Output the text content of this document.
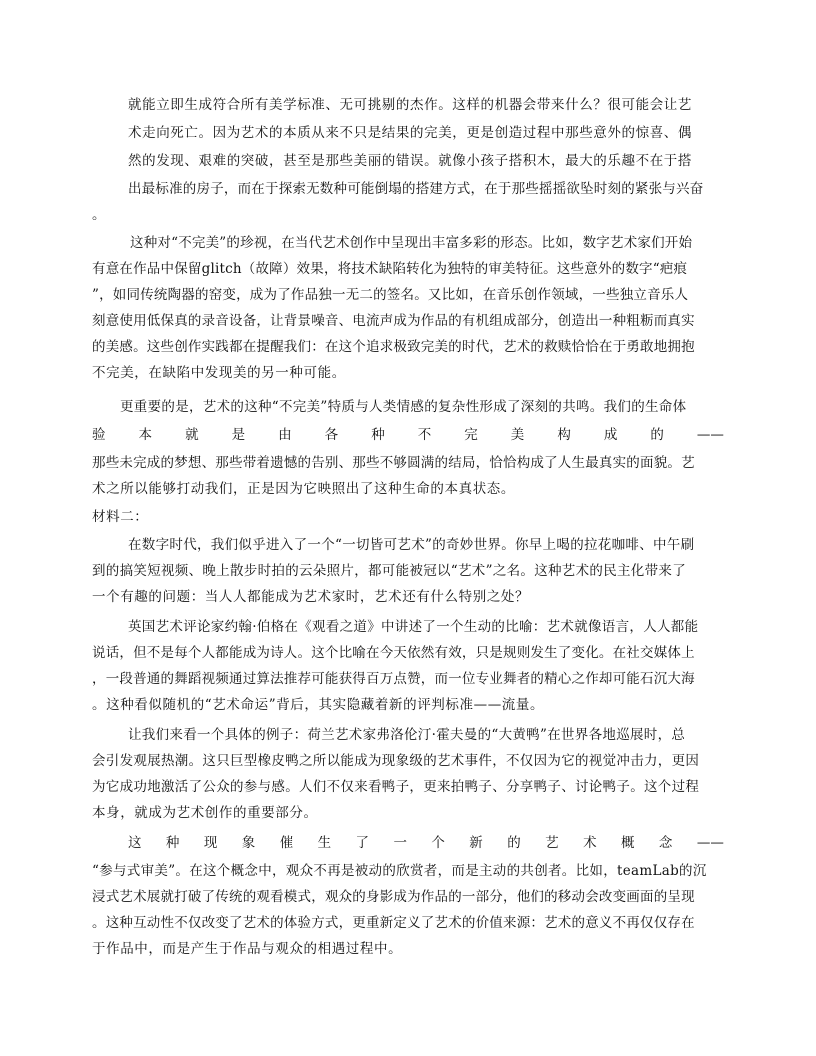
就能立即生成符合所有美学标准、无可挑剔的杰作。这样的机器会带来什么？很可能会让艺
术走向死亡。因为艺术的本质从来不只是结果的完美，更是创造过程中那些意外的惊喜、偶
然的发现、艰难的突破，甚至是那些美丽的错误。就像小孩子搭积木，最大的乐趣不在于搭
出最标准的房子，而在于探索无数种可能倒塌的搭建方式，在于那些摇摇欲坠时刻的紧张与兴奋
。
这种对“不完美”的珍视，在当代艺术创作中呈现出丰富多彩的形态。比如，数字艺术家们开始
有意在作品中保留glitch（故障）效果，将技术缺陷转化为独特的审美特征。这些意外的数字“疤痕
”，如同传统陶器的窑变，成为了作品独一无二的签名。又比如，在音乐创作领域，一些独立音乐人
刻意使用低保真的录音设备，让背景噪音、电流声成为作品的有机组成部分，创造出一种粗粝而真实
的美感。这些创作实践都在提醒我们：在这个追求极致完美的时代，艺术的救赎恰恰在于勇敢地拥抱
不完美，在缺陷中发现美的另一种可能。
更重要的是，艺术的这种“不完美”特质与人类情感的复杂性形成了深刻的共鸣。我们的生命体
验 本 就 是 由 各 种 不 完 美 构 成 的 ——
那些未完成的梦想、那些带着遗憾的告别、那些不够圆满的结局，恰恰构成了人生最真实的面貌。艺
术之所以能够打动我们，正是因为它映照出了这种生命的本真状态。
材料二：
在数字时代，我们似乎进入了一个“一切皆可艺术”的奇妙世界。你早上喝的拉花咖啡、中午刷
到的搞笑短视频、晚上散步时拍的云朵照片，都可能被冠以“艺术”之名。这种艺术的民主化带来了
一个有趣的问题：当人人都能成为艺术家时，艺术还有什么特别之处？
英国艺术评论家约翰·伯格在《观看之道》中讲述了一个生动的比喻：艺术就像语言，人人都能
说话，但不是每个人都能成为诗人。这个比喻在今天依然有效，只是规则发生了变化。在社交媒体上
，一段普通的舞蹈视频通过算法推荐可能获得百万点赞，而一位专业舞者的精心之作却可能石沉大海
。这种看似随机的“艺术命运”背后，其实隐藏着新的评判标准——流量。
让我们来看一个具体的例子：荷兰艺术家弗洛伦汀·霍夫曼的“大黄鸭”在世界各地巡展时，总
会引发观展热潮。这只巨型橡皮鸭之所以能成为现象级的艺术事件，不仅因为它的视觉冲击力，更因
为它成功地激活了公众的参与感。人们不仅来看鸭子，更来拍鸭子、分享鸭子、讨论鸭子。这个过程
本身，就成为艺术创作的重要部分。
这 种 现 象 催 生 了 一 个 新 的 艺 术 概 念 ——
“参与式审美”。在这个概念中，观众不再是被动的欣赏者，而是主动的共创者。比如，teamLab的沉
浸式艺术展就打破了传统的观看模式，观众的身影成为作品的一部分，他们的移动会改变画面的呈现
。这种互动性不仅改变了艺术的体验方式，更重新定义了艺术的价值来源：艺术的意义不再仅仅存在
于作品中，而是产生于作品与观众的相遇过程中。
